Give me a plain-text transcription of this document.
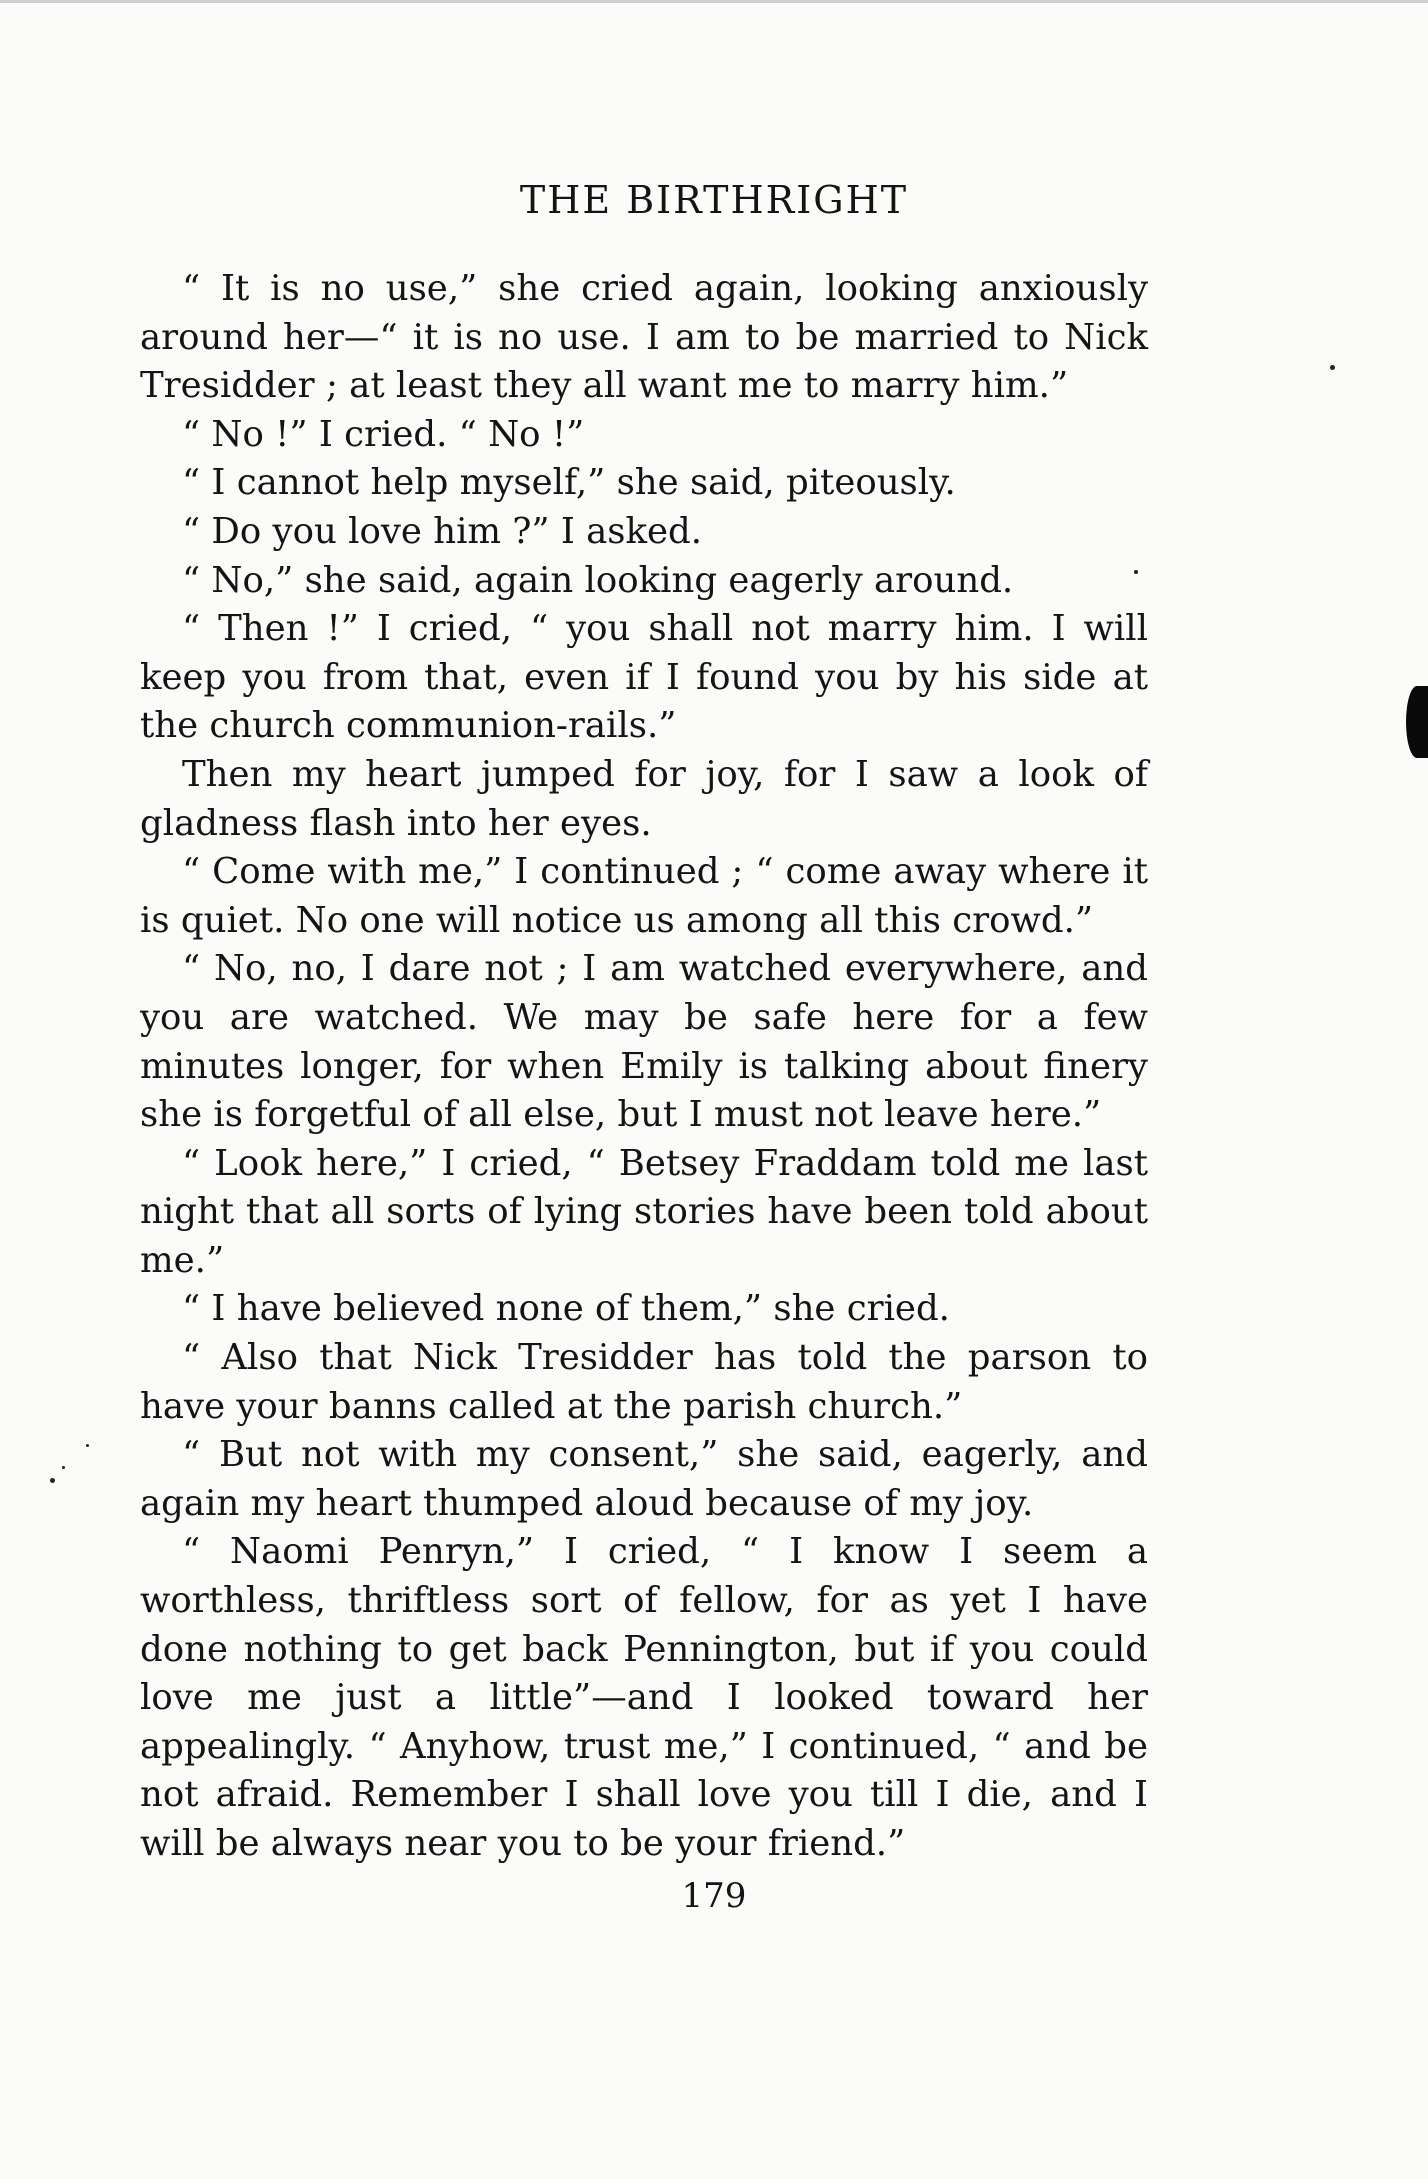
THE BIRTHRIGHT

“ It is no use,” she cried again, looking anxiously around her—“ it is no use. I am to be married to Nick Tresidder ; at least they all want me to marry him.”

“ No !” I cried. “ No !”

“ I cannot help myself,” she said, piteously.

“ Do you love him ?” I asked.

“ No,” she said, again looking eagerly around.

“ Then !” I cried, “ you shall not marry him. I will keep you from that, even if I found you by his side at the church communion-rails.”

Then my heart jumped for joy, for I saw a look of gladness flash into her eyes.

“ Come with me,” I continued ; “ come away where it is quiet. No one will notice us among all this crowd.”

“ No, no, I dare not ; I am watched everywhere, and you are watched. We may be safe here for a few minutes longer, for when Emily is talking about finery she is forgetful of all else, but I must not leave here.”

“ Look here,” I cried, “ Betsey Fraddam told me last night that all sorts of lying stories have been told about me.”

“ I have believed none of them,” she cried.

“ Also that Nick Tresidder has told the parson to have your banns called at the parish church.”

“ But not with my consent,” she said, eagerly, and again my heart thumped aloud because of my joy.

“ Naomi Penryn,” I cried, “ I know I seem a worthless, thriftless sort of fellow, for as yet I have done nothing to get back Pennington, but if you could love me just a little”—and I looked toward her appealingly. “ Anyhow, trust me,” I continued, “ and be not afraid. Remember I shall love you till I die, and I will be always near you to be your friend.”

179
